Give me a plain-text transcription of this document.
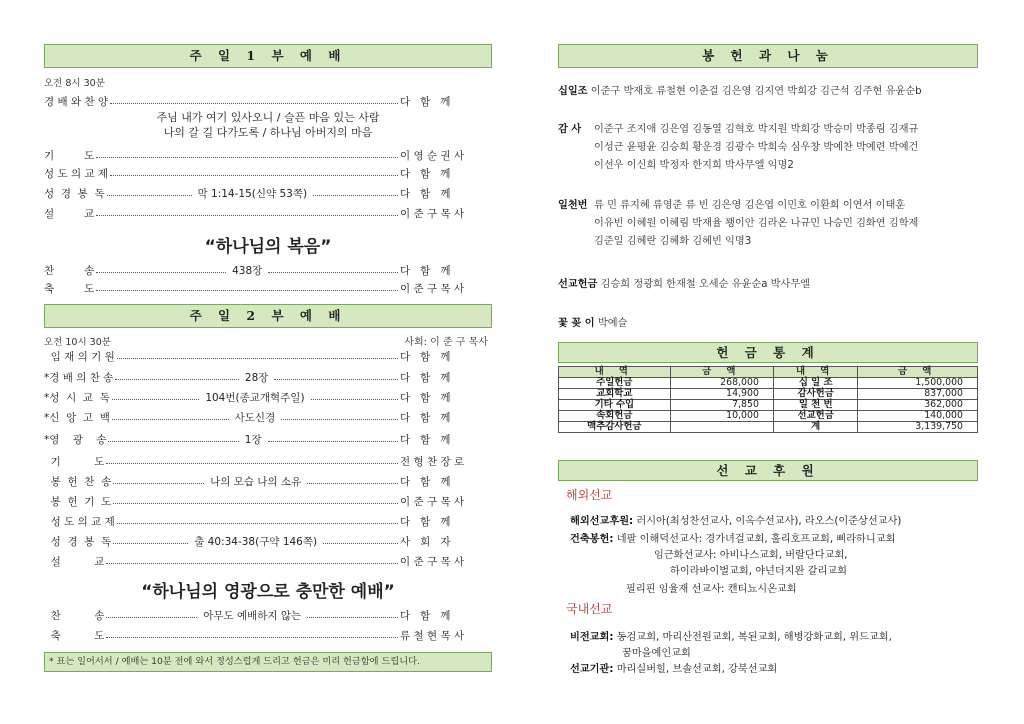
주 일 1 부 예 배
오전 8시 30분
경 배 와 찬 양	다   함   께
기         도	이 영 순 권 사
성 도 의 교 제	다   함   께
성  경  봉  독	막 1:14-15(신약 53쪽)	다   함   께
설         교	이 준 구 목 사
찬         송	438장	다   함   께
축         도	이 준 구 목 사
주님 내가 여기 있사오니 / 슬픈 마음 있는 사람
나의 갈 길 다가도록 / 하나님 아버지의 마음
“하나님의 복음”
주 일 2 부 예 배
오전 10시 30분	사회: 이 준 구 목사
임 재 의 기 원	다   함   께
*경 배 의 찬 송	28장	다   함   께
*성  시  교  독	104번(종교개혁주일)	다   함   께
*신  앙  고  백	사도신경	다   함   께
*영    광    송	1장	다   함   께
기          도	전 형 찬 장 로
봉  헌  찬  송	나의 모습 나의 소유	다   함   께
봉  헌  기  도	이 준 구 목 사
성 도 의 교 제	다   함   께
성  경  봉  독	출 40:34-38(구약 146쪽)	사   회   자
설          교	이 준 구 목 사
찬          송	아무도 예배하지 않는	다   함   께
축          도	류 철 현 목 사
“하나님의 영광으로 충만한 예배”
* 표는 일어서서 / 예배는 10분 전에 와서 정성스럽게 드리고 헌금은 미리 헌금함에 드립니다.
봉 헌 과 나 눔
십일조 이준구 박재호 류철현 이춘걸 김은영 김지연 박희강 김근석 김주현 유윤순b
감 사 이준구 조지애 김은엽 김동열 김혁호 박지원 박희강 박승미 박종림 김재규
이성근 윤평윤 김승희 황운경 김광수 박희숙 심우창 박예찬 박예련 박예건
이선우 이신희 박정자 한지희 박사무엘 익명2
일천번 류 민 류지혜 류영준 류 빈 김은영 김은엽 이민호 이환희 이연서 이태훈
이유빈 이혜원 이혜림 박재율 꽹이안 김라온 나규민 나승민 김화연 김학제
김준일 김혜란 김혜화 김혜빈 익명3
선교헌금 김승희 정광희 한재철 오세순 유윤순a 박사무엘
꽃 꽂 이 박예슬
헌 금 통 계
내 역	금 액	내 역	금 액
주일헌금	268,000	십 일 조	1,500,000
교회학교	14,900	감사헌금	837,000
기타 수입	7,850	일 천 번	362,000
속회헌금	10,000	선교헌금	140,000
맥추감사헌금		계	3,139,750
선 교 후 원
해외선교
해외선교후원: 러시아(최성찬선교사, 이옥수선교사), 라오스(이준상선교사)
건축봉헌: 네팔 이해덕선교사: 경가녀걸교회, 훌리호프교회, 삐라하니교회
임근화선교사: 아비나스교회, 버랄단다교회,
하이라바이벌교회, 야넌더지완 갈리교회
필리핀 임율재 선교사: 캔티뇨시온교회
국내선교
비전교회: 동검교회, 마리산전원교회, 복된교회, 해병강화교회, 위드교회,
꿈마을예인교회
선교기관: 마리실버힐, 브솔선교회, 강북선교회
